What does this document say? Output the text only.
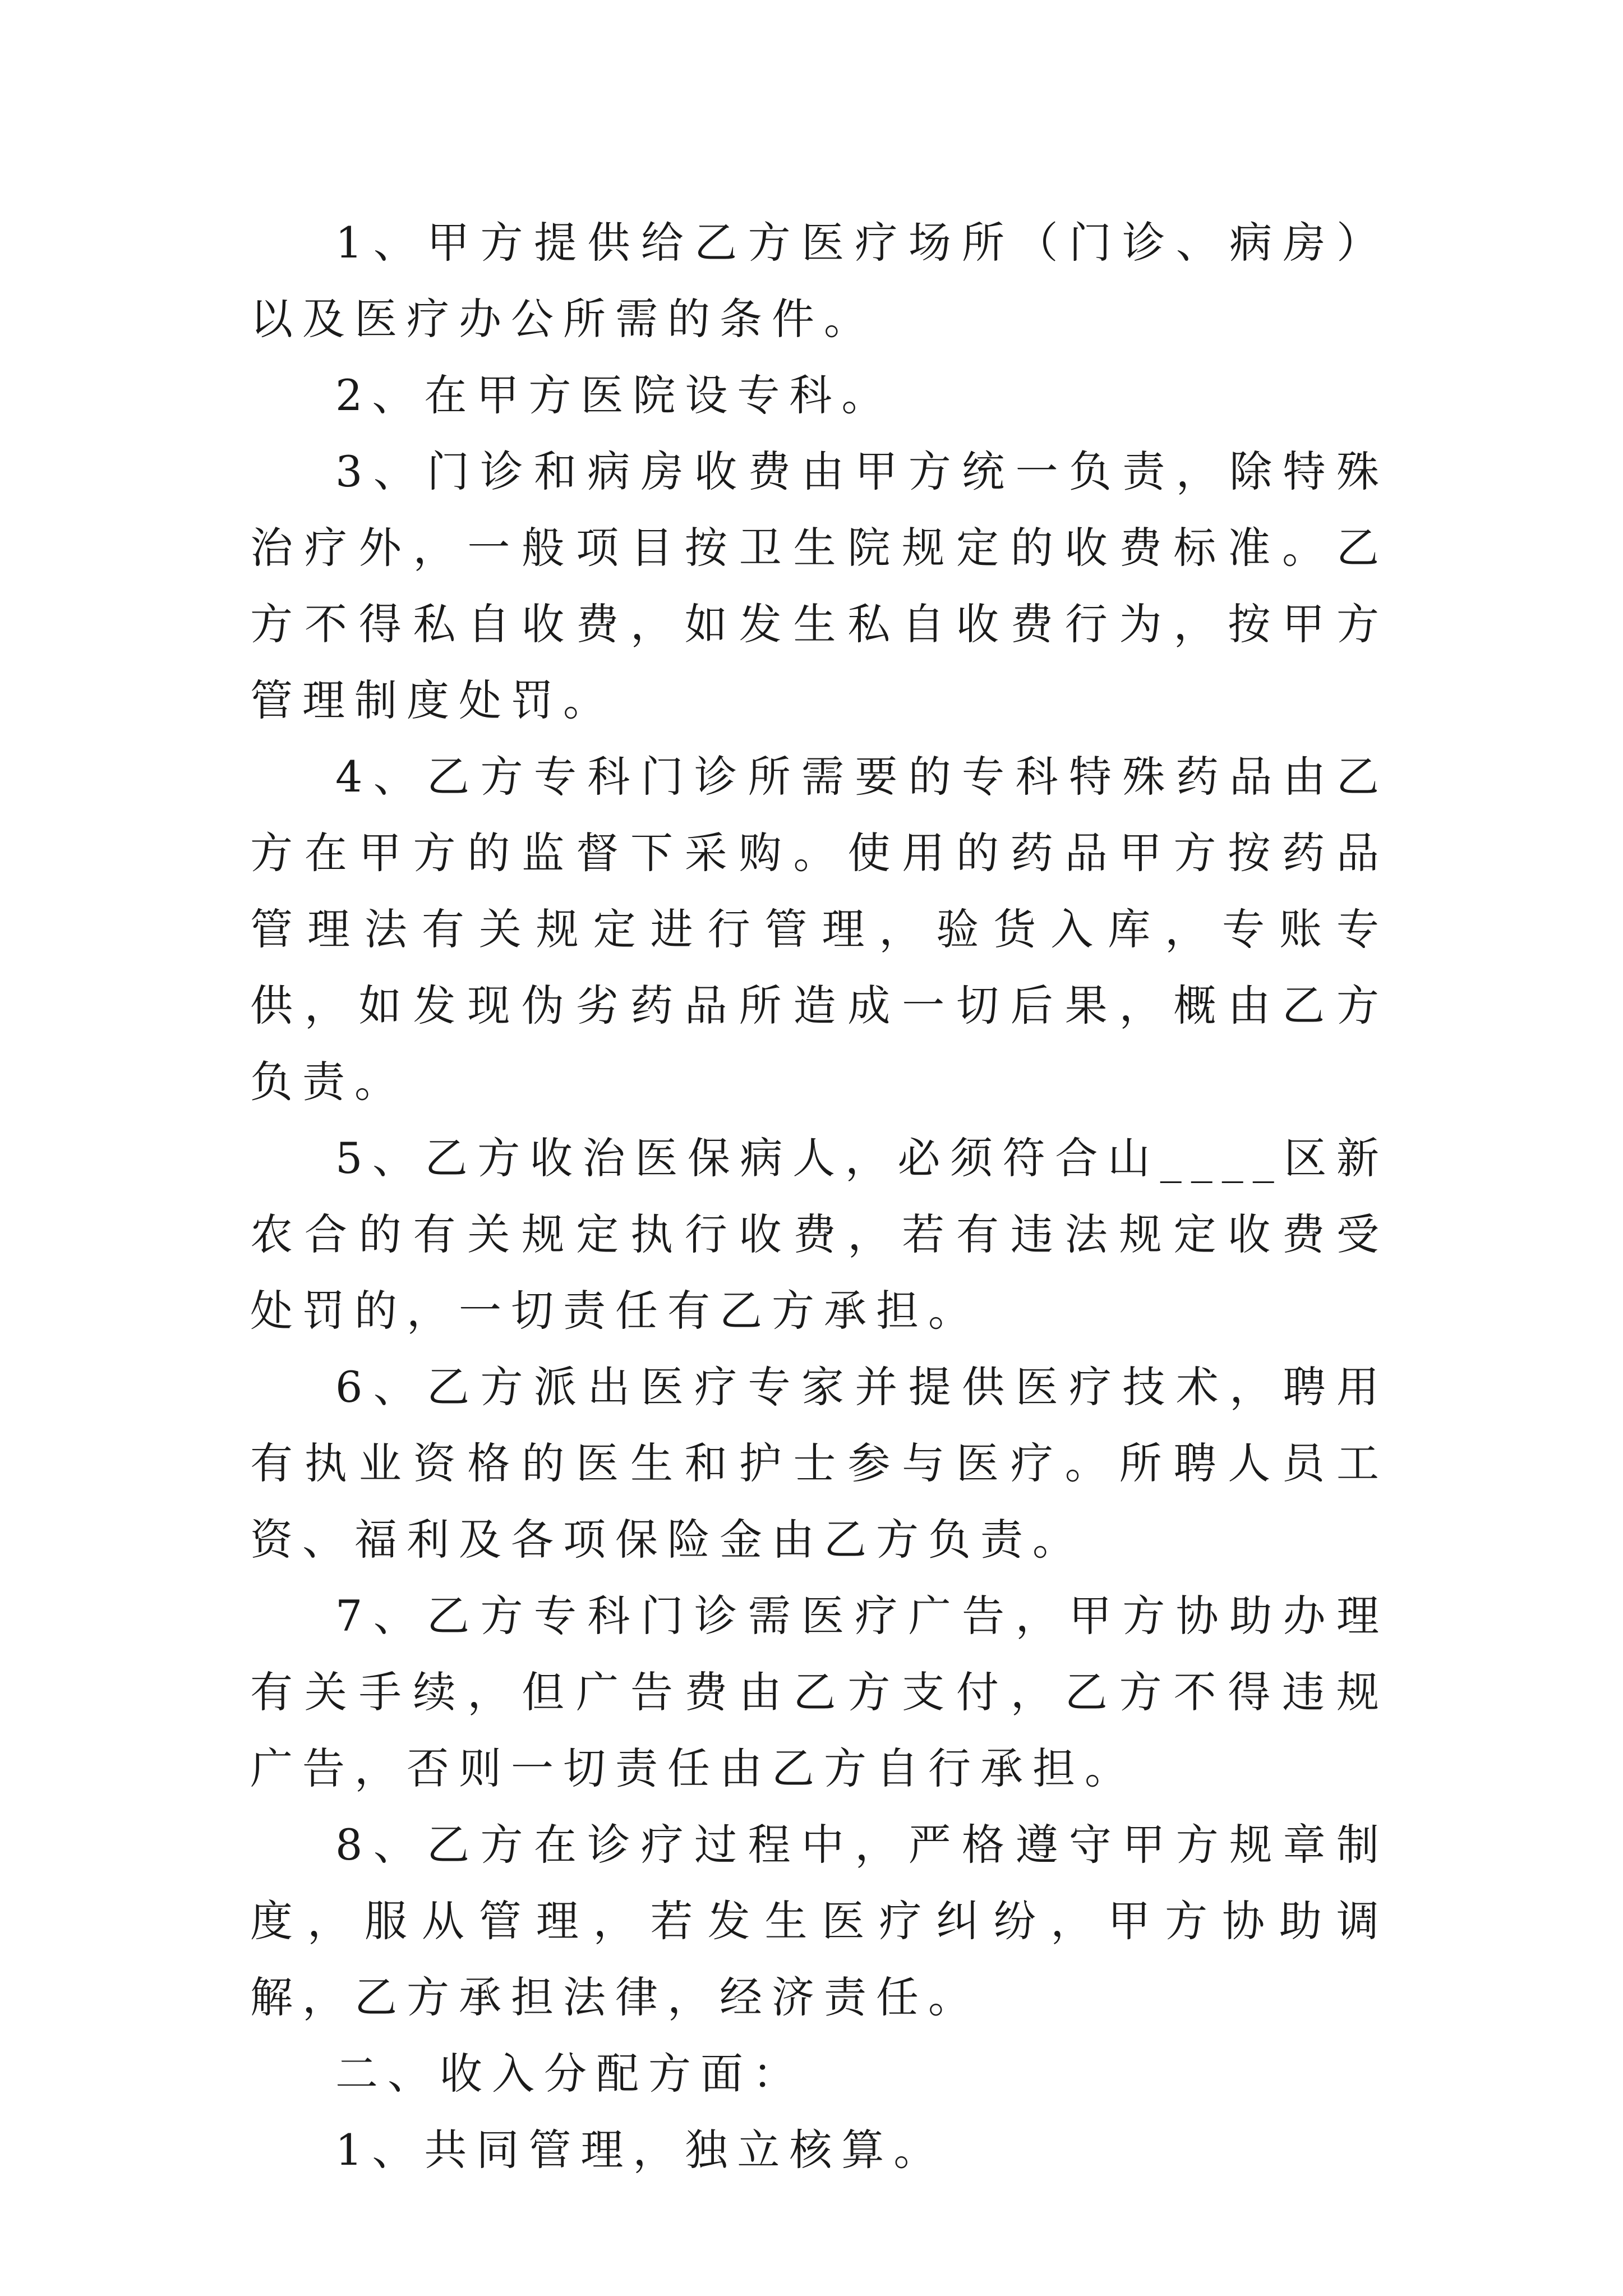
1、甲方提供给乙方医疗场所（门诊、病房）以及医疗办公所需的条件。

2、在甲方医院设专科。

3、门诊和病房收费由甲方统一负责，除特殊治疗外，一般项目按卫生院规定的收费标准。乙方不得私自收费，如发生私自收费行为，按甲方管理制度处罚。

4、乙方专科门诊所需要的专科特殊药品由乙方在甲方的监督下采购。使用的药品甲方按药品管理法有关规定进行管理，验货入库，专账专供，如发现伪劣药品所造成一切后果，概由乙方负责。

5、乙方收治医保病人，必须符合山____区新农合的有关规定执行收费，若有违法规定收费受处罚的，一切责任有乙方承担。

6、乙方派出医疗专家并提供医疗技术，聘用有执业资格的医生和护士参与医疗。所聘人员工资、福利及各项保险金由乙方负责。

7、乙方专科门诊需医疗广告，甲方协助办理有关手续，但广告费由乙方支付，乙方不得违规广告，否则一切责任由乙方自行承担。

8、乙方在诊疗过程中，严格遵守甲方规章制度，服从管理，若发生医疗纠纷，甲方协助调解，乙方承担法律，经济责任。

二、收入分配方面：

1、共同管理，独立核算。
